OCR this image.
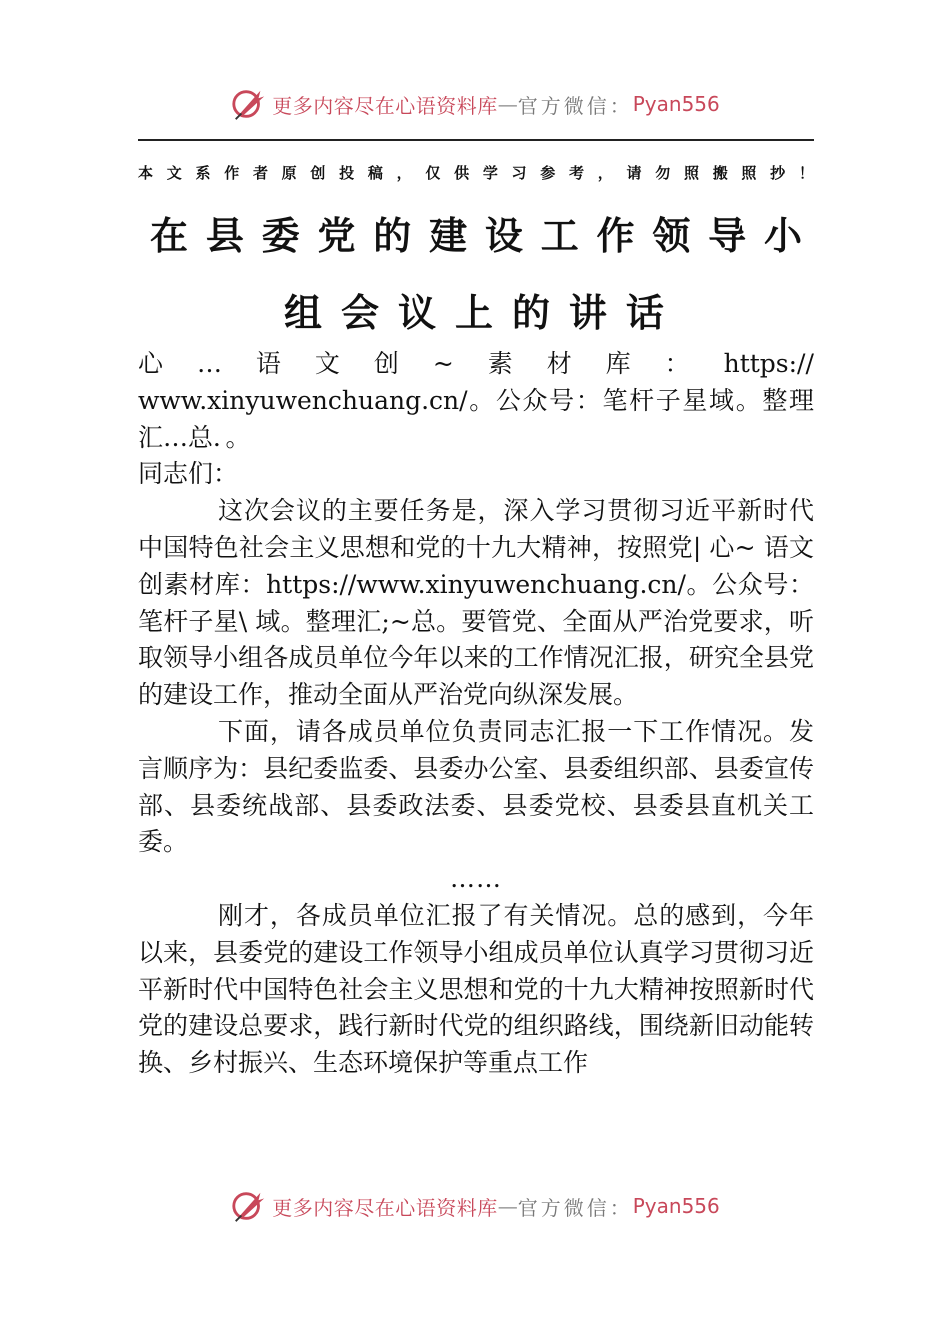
更多内容尽在心语资料库 — 官方微信： Pyan556
本 文 系 作 者 原 创 投 稿 ， 仅 供 学 习 参 考 ， 请 勿 照 搬 照 抄 ！
在 县 委 党 的 建 设 工 作 领 导 小
组 会 议 上 的 讲 话
心 … 语 文 创 ~ 素 材 库 ： https://

www.xinyuwenchuang.cn/。公众号：笔杆子星域。整理汇…总．。

同志们：

这次会议的主要任务是，深入学习贯彻习近平新时代中国特色社会主义思想和党的十九大精神，按照党| 心~ 语文创素材库：https://www.xinyuwenchuang.cn/。公众号：笔杆子星\ 域。整理汇;~总。要管党、全面从严治党要求，听取领导小组各成员单位今年以来的工作情况汇报，研究全县党的建设工作，推动全面从严治党向纵深发展。

下面，请各成员单位负责同志汇报一下工作情况。发言顺序为：县纪委监委、县委办公室、县委组织部、县委宣传部、县委统战部、县委政法委、县委党校、县委县直机关工委。

……

刚才，各成员单位汇报了有关情况。总的感到，今年以来，县委党的建设工作领导小组成员单位认真学习贯彻习近平新时代中国特色社会主义思想和党的十九大精神按照新时代党的建设总要求，践行新时代党的组织路线，围绕新旧动能转换、乡村振兴、生态环境保护等重点工作

更多内容尽在心语资料库 — 官方微信： Pyan556
